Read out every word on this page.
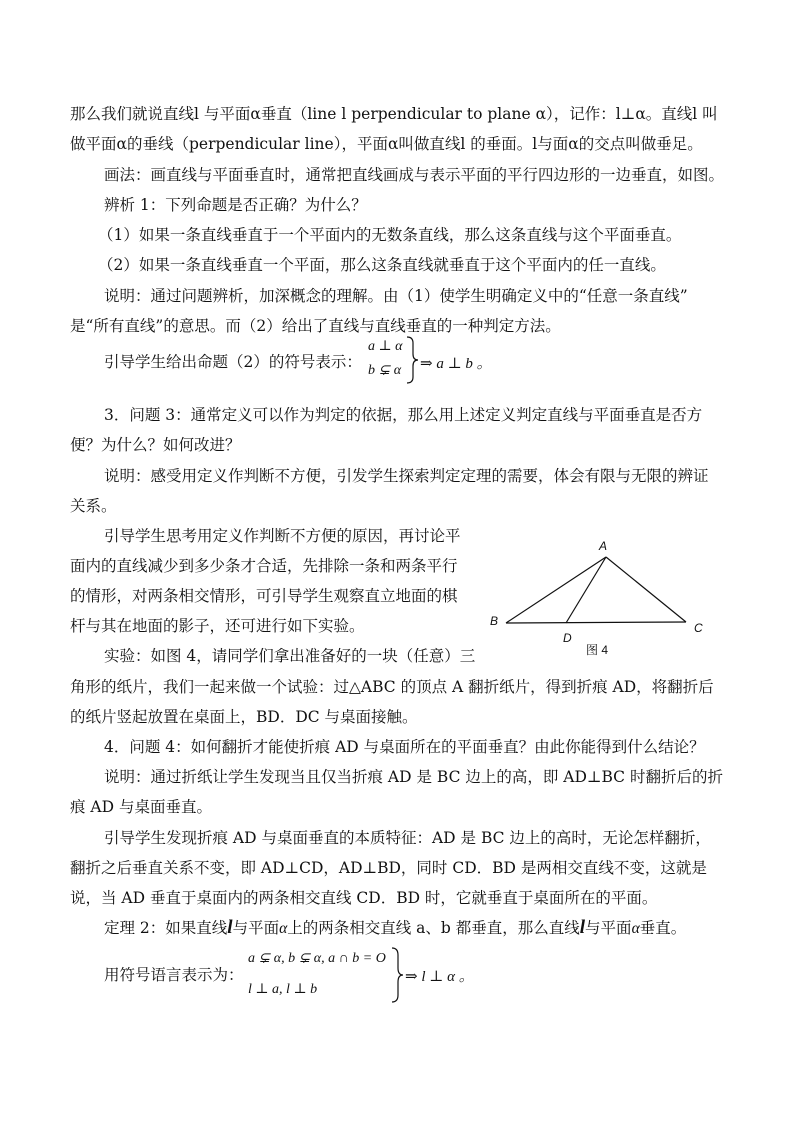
那么我们就说直线l 与平面α垂直（line l perpendicular to plane α），记作：l⊥α。直线l 叫
做平面α的垂线（perpendicular line），平面α叫做直线l 的垂面。l与面α的交点叫做垂足。
画法：画直线与平面垂直时，通常把直线画成与表示平面的平行四边形的一边垂直，如图。
辨析 1：下列命题是否正确？为什么？
（1）如果一条直线垂直于一个平面内的无数条直线，那么这条直线与这个平面垂直。
（2）如果一条直线垂直一个平面，那么这条直线就垂直于这个平面内的任一直线。
说明：通过问题辨析，加深概念的理解。由（1）使学生明确定义中的“任意一条直线”
是“所有直线”的意思。而（2）给出了直线与直线垂直的一种判定方法。
引导学生给出命题（2）的符号表示：
a ⊥ α
b ⊊ α ⇒ a ⊥ b 。
3．问题 3：通常定义可以作为判定的依据，那么用上述定义判定直线与平面垂直是否方
便？为什么？如何改进？
说明：感受用定义作判断不方便，引发学生探索判定定理的需要，体会有限与无限的辨证
关系。
引导学生思考用定义作判断不方便的原因，再讨论平
面内的直线减少到多少条才合适，先排除一条和两条平行
的情形，对两条相交情形，可引导学生观察直立地面的棋
杆与其在地面的影子，还可进行如下实验。
实验：如图 4，请同学们拿出准备好的一块（任意）三
A
B	C
D
图 4
角形的纸片，我们一起来做一个试验：过△ABC 的顶点 A 翻折纸片，得到折痕 AD，将翻折后
的纸片竖起放置在桌面上，BD．DC 与桌面接触。
4．问题 4：如何翻折才能使折痕 AD 与桌面所在的平面垂直？由此你能得到什么结论？
说明：通过折纸让学生发现当且仅当折痕 AD 是 BC 边上的高，即 AD⊥BC 时翻折后的折
痕 AD 与桌面垂直。
引导学生发现折痕 AD 与桌面垂直的本质特征：AD 是 BC 边上的高时，无论怎样翻折，
翻折之后垂直关系不变，即 AD⊥CD，AD⊥BD，同时 CD．BD 是两相交直线不变，这就是
说，当 AD 垂直于桌面内的两条相交直线 CD．BD 时，它就垂直于桌面所在的平面。
定理 2：如果直线l与平面α上的两条相交直线 a、b 都垂直，那么直线l与平面α垂直。
用符号语言表示为：
a ⊊ α, b ⊊ α, a ∩ b = O
l ⊥ a, l ⊥ b
⇒ l ⊥ α 。
